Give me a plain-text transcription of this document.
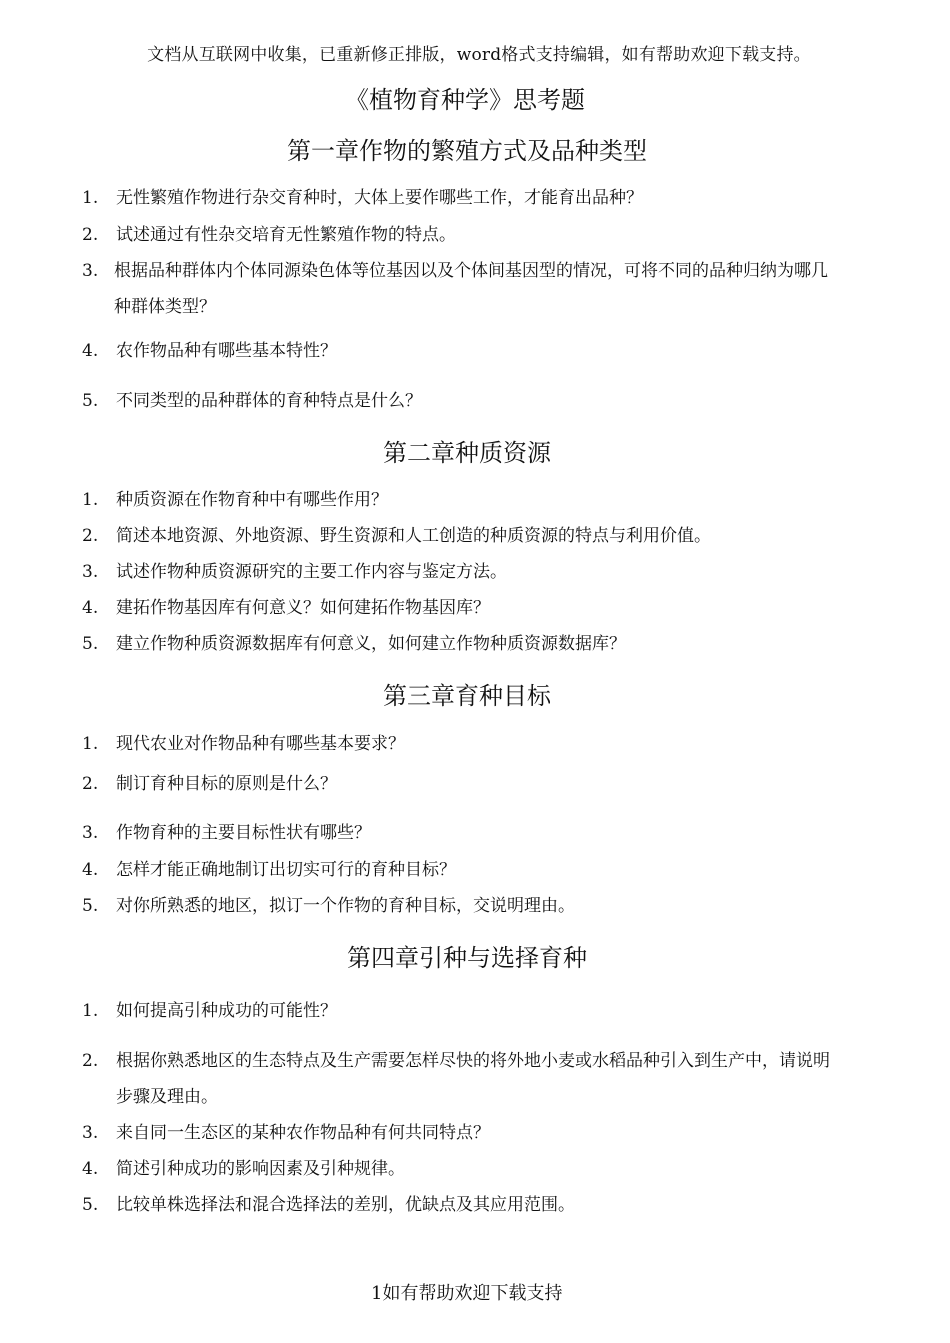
文档从互联网中收集，已重新修正排版，word格式支持编辑，如有帮助欢迎下载支持。
《植物育种学》思考题
第一章作物的繁殖方式及品种类型
1.	无性繁殖作物进行杂交育种时，大体上要作哪些工作，才能育出品种？
2.	试述通过有性杂交培育无性繁殖作物的特点。
3. 根据品种群体内个体同源染色体等位基因以及个体间基因型的情况，可将不同的品种归纳为哪几种群体类型？
4.	农作物品种有哪些基本特性？
5.	不同类型的品种群体的育种特点是什么？
第二章种质资源
1.	种质资源在作物育种中有哪些作用？
2.	简述本地资源、外地资源、野生资源和人工创造的种质资源的特点与利用价值。
3.	试述作物种质资源研究的主要工作内容与鉴定方法。
4.	建拓作物基因库有何意义？如何建拓作物基因库？
5.	建立作物种质资源数据库有何意义，如何建立作物种质资源数据库？
第三章育种目标
1.	现代农业对作物品种有哪些基本要求？
2.	制订育种目标的原则是什么？
3.	作物育种的主要目标性状有哪些？
4.	怎样才能正确地制订出切实可行的育种目标？
5.	对你所熟悉的地区，拟订一个作物的育种目标，交说明理由。
第四章引种与选择育种
1.	如何提高引种成功的可能性？
2.	根据你熟悉地区的生态特点及生产需要怎样尽快的将外地小麦或水稻品种引入到生产中，请说明步骤及理由。
3.	来自同一生态区的某种农作物品种有何共同特点？
4.	简述引种成功的影响因素及引种规律。
5.	比较单株选择法和混合选择法的差别，优缺点及其应用范围。
1如有帮助欢迎下载支持
